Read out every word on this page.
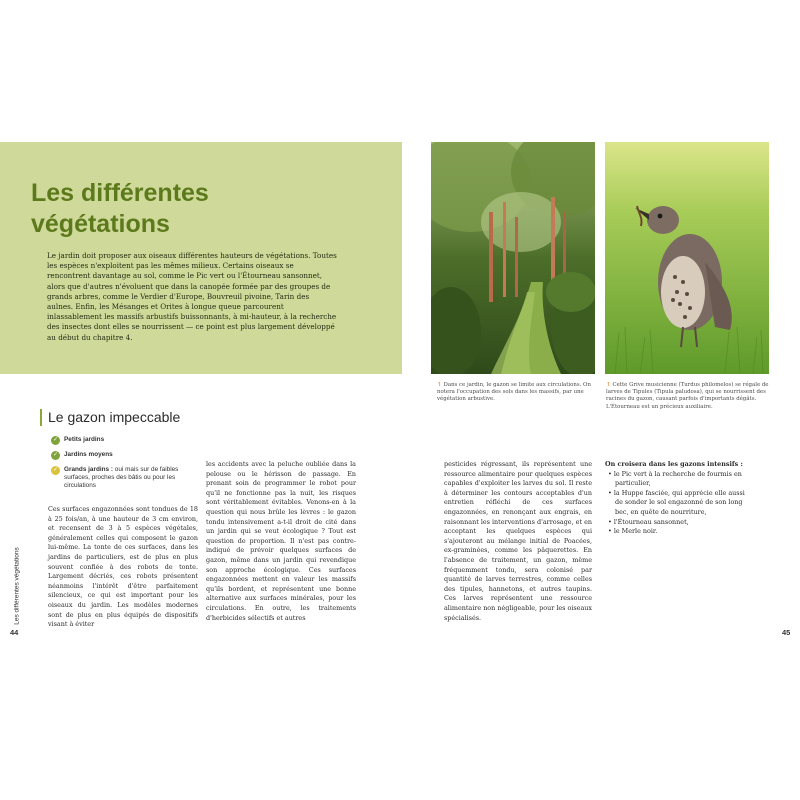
Les différentes
végétations

Le jardin doit proposer aux oiseaux différentes hauteurs de végétations. Toutes les espèces n'exploitent pas les mêmes milieux. Certains oiseaux se rencontrent davantage au sol, comme le Pic vert ou l'Étourneau sansonnet, alors que d'autres n'évoluent que dans la canopée formée par des groupes de grands arbres, comme le Verdier d'Europe, Bouvreuil pivoine, Tarin des aulnes. Enfin, les Mésanges et Orites à longue queue parcourent inlassablement les massifs arbustifs buissonnants, à mi-hauteur, à la recherche des insectes dont elles se nourrissent — ce point est plus largement développé au début du chapitre 4.

Le gazon impeccable
✓ Petits jardins
✓ Jardins moyens
✓ Grands jardins : oui mais sur de faibles surfaces, proches des bâtis ou pour les circulations

Ces surfaces engazonnées sont tondues de 18 à 25 fois/an, à une hauteur de 3 cm environ, et recensent de 3 à 5 espèces végétales, généralement celles qui composent le gazon lui-même. La tonte de ces surfaces, dans les jardins de particuliers, est de plus en plus souvent confiée à des robots de tonte. Largement décriés, ces robots présentent néanmoins l'intérêt d'être parfaitement silencieux, ce qui est important pour les oiseaux du jardin. Les modèles modernes sont de plus en plus équipés de dispositifs visant à éviter

les accidents avec la peluche oubliée dans la pelouse ou le hérisson de passage. En prenant soin de programmer le robot pour qu'il ne fonctionne pas la nuit, les risques sont véritablement évitables. Venons-en à la question qui nous brûle les lèvres : le gazon tondu intensivement a-t-il droit de cité dans un jardin qui se veut écologique ? Tout est question de proportion. Il n'est pas contre-indiqué de prévoir quelques surfaces de gazon, même dans un jardin qui revendique son approche écologique. Ces surfaces engazonnées mettent en valeur les massifs qu'ils bordent, et représentent une bonne alternative aux surfaces minérales, pour les circulations. En outre, les traitements d'herbicides sélectifs et autres

Les différentes végétations
44

↑ Dans ce jardin, le gazon se limite aux circulations. On notera l'occupation des sols dans les massifs, par une végétation arbustive.

↑ Cette Grive musicienne (Turdus philomelos) se régale de larves de Tipules (Tipula paludosa), qui se nourrissent des racines du gazon, causant parfois d'importants dégâts. L'Étourneau est un précieux auxiliaire.

pesticides régressant, ils représentent une ressource alimentaire pour quelques espèces capables d'exploiter les larves du sol. Il reste à déterminer les contours acceptables d'un entretien réfléchi de ces surfaces engazonnées, en renonçant aux engrais, en raisonnant les interventions d'arrosage, et en acceptant les quelques espèces qui s'ajouteront au mélange initial de Poacées, ex-graminées, comme les pâquerettes. En l'absence de traitement, un gazon, même fréquemment tondu, sera colonisé par quantité de larves terrestres, comme celles des tipules, hannetons, et autres taupins. Ces larves représentent une ressource alimentaire non négligeable, pour les oiseaux spécialisés.

On croisera dans les gazons intensifs :

• le Pic vert à la recherche de fourmis en particulier,
• la Huppe fasciée, qui apprécie elle aussi de sonder le sol engazonné de son long bec, en quête de nourriture,
• l'Étourneau sansonnet,
• le Merle noir.
45
